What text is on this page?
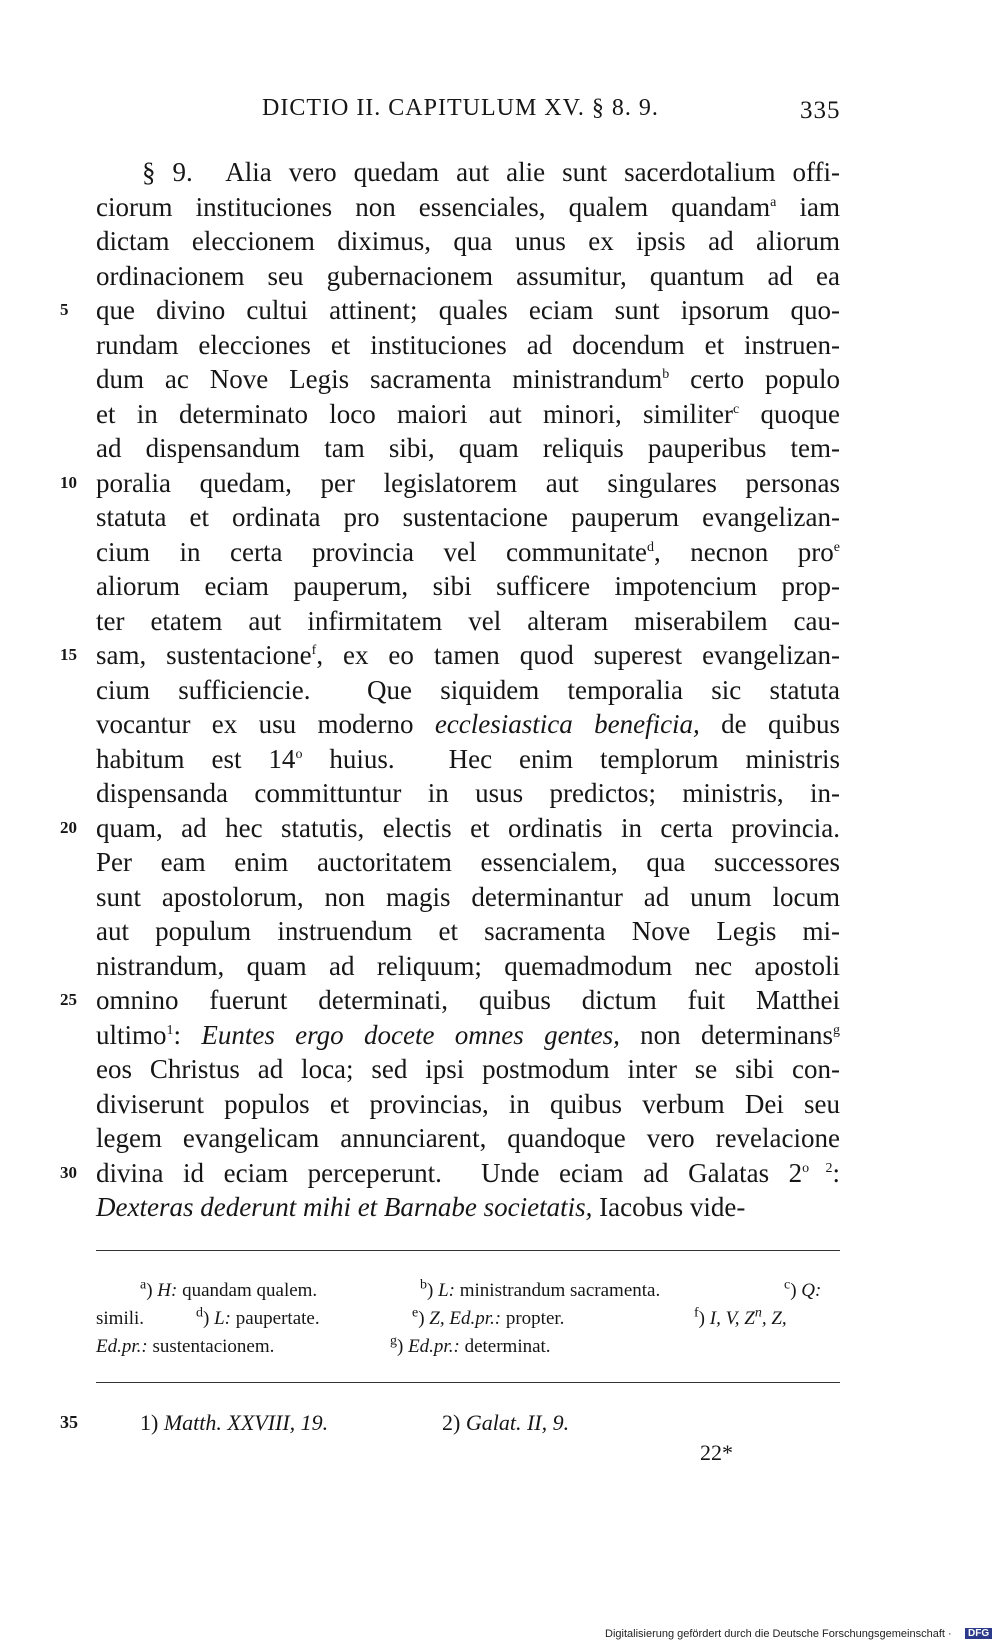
DICTIO II. CAPITULUM XV. § 8. 9.	335
§ 9.  Alia vero quedam aut alie sunt sacerdotalium offi-
ciorum instituciones non essenciales, qualem quandam$^a$ iam
dictam eleccionem diximus, qua unus ex ipsis ad aliorum
ordinacionem seu gubernacionem assumitur, quantum ad ea
5	que divino cultui attinent; quales eciam sunt ipsorum quo-
rundam elecciones et instituciones ad docendum et instruen-
dum ac Nove Legis sacramenta ministrandum$^b$ certo populo
et in determinato loco maiori aut minori, similiter$^c$ quoque
ad dispensandum tam sibi, quam reliquis pauperibus tem-
10 poralia quedam, per legislatorem aut singulares personas
statuta et ordinata pro sustentacione pauperum evangelizan-
cium in certa provincia vel communitate$^d$, necnon pro$^e$
aliorum eciam pauperum, sibi sufficere impotencium prop-
ter etatem aut infirmitatem vel alteram miserabilem cau-
15 sam, sustentacione$^f$, ex eo tamen quod superest evangelizan-
cium sufficiencie.  Que siquidem temporalia sic statuta
vocantur ex usu moderno ecclesiastica beneficia, de quibus
habitum est 14$^o$ huius.  Hec enim templorum ministris
dispensanda committuntur in usus predictos; ministris, in-
20 quam, ad hec statutis, electis et ordinatis in certa provincia.
Per eam enim auctoritatem essencialem, qua successores
sunt apostolorum, non magis determinantur ad unum locum
aut populum instruendum et sacramenta Nove Legis mi-
nistrandum, quam ad reliquum; quemadmodum nec apostoli
25 omnino fuerunt determinati, quibus dictum fuit Matthei
ultimo$^1$: Euntes ergo docete omnes gentes, non determinans$^g$
eos Christus ad loca; sed ipsi postmodum inter se sibi con-
diviserunt populos et provincias, in quibus verbum Dei seu
legem evangelicam annunciarent, quandoque vero revelacione
30 divina id eciam perceperunt.  Unde eciam ad Galatas $2^{o 2}$:
Dexteras dederunt mihi et Barnabe societatis, Iacobus vide-
$^a$) H: quandam qualem.	$^b$) L: ministrandum sacramenta.	$^c$) Q:
simili.	$^d$) L: paupertate.	$^e$) Z, Ed.pr.: propter.	$^f$) I, V, $Z^n$, Z,
Ed.pr.: sustentacionem.	$^g$) Ed.pr.: determinat.
35	1) Matth. XXVIII, 19.	2) Galat. II, 9.
22*
Digitalisierung gefördert durch die Deutsche Forschungsgemeinschaft ·	DFG
